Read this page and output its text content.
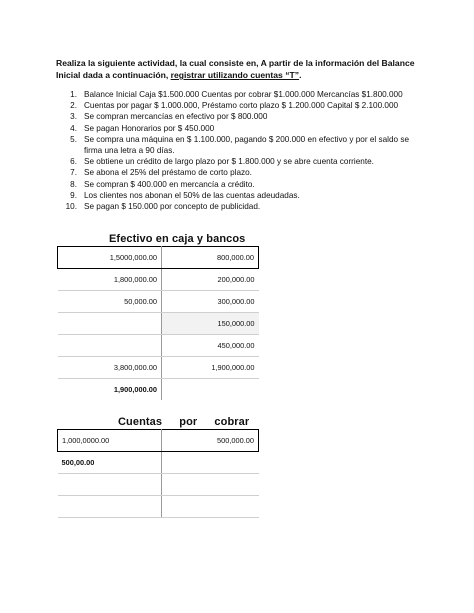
Realiza la siguiente actividad, la cual consiste en, A partir de la información del Balance Inicial dada a continuación, registrar utilizando cuentas “T”.
1. Balance Inicial Caja $1.500.000 Cuentas por cobrar $1.000.000 Mercancías $1.800.000
2. Cuentas por pagar $ 1.000.000, Préstamo corto plazo $ 1.200.000 Capital $ 2.100.000
3. Se compran mercancías en efectivo por $ 800.000
4. Se pagan Honorarios por $ 450.000
5. Se compra una máquina en $ 1.100.000, pagando $ 200.000 en efectivo y por el saldo se firma una letra a 90 días.
6. Se obtiene un crédito de largo plazo por $ 1.800.000 y se abre cuenta corriente.
7. Se abona el 25% del préstamo de corto plazo.
8. Se compran $ 400.000 en mercancía a crédito.
9. Los clientes nos abonan el 50% de las cuentas adeudadas.
10. Se pagan $ 150.000 por concepto de publicidad.
Efectivo en caja y bancos
1,5000,000.00	800,000.00
1,800,000.00	200,000.00
50,000.00	300,000.00
	150,000.00
	450,000.00
3,800,000.00	1,900,000.00
1,900,000.00	
Cuentas por cobrar
1,000,0000.00	500,000.00
500,00.00	
